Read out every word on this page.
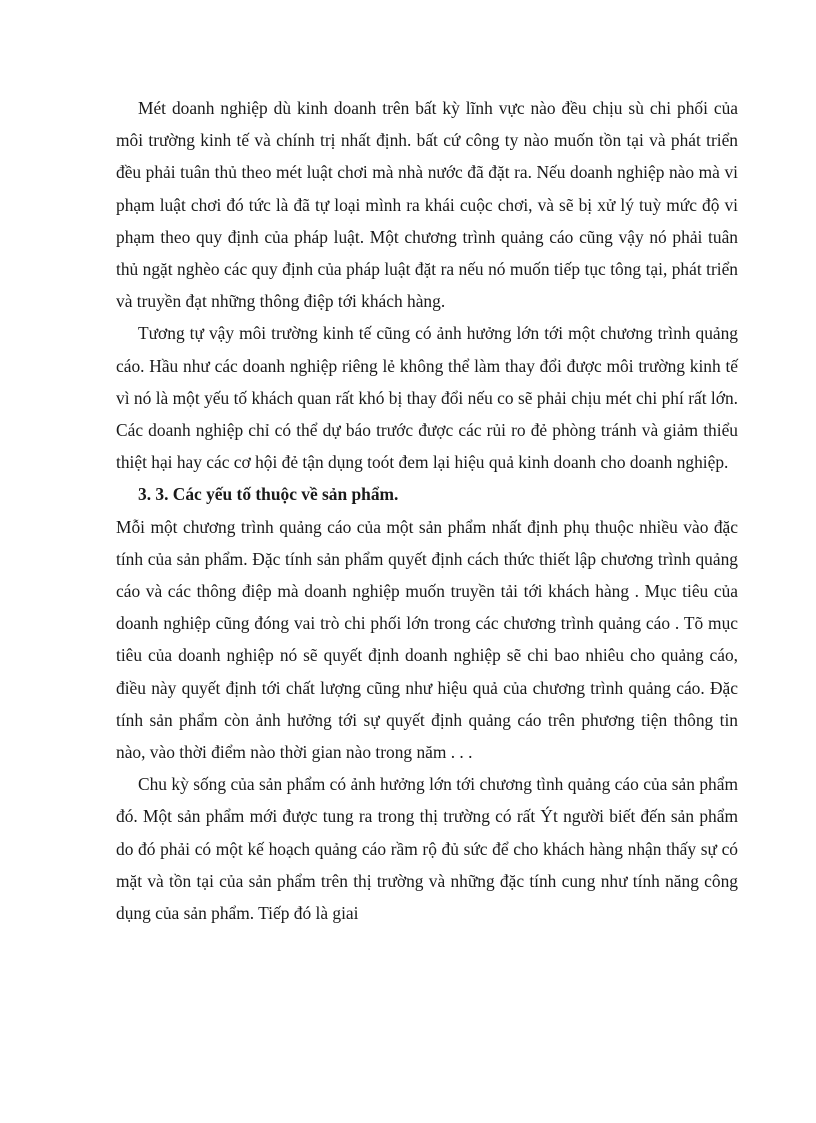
Mét doanh nghiệp dù kinh doanh trên bất kỳ lĩnh vực nào đều chịu sù chi phối của môi trường kinh tế và chính trị nhất định. bất cứ công ty nào muốn tồn tại và phát triển đều phải tuân thủ theo mét luật chơi mà nhà nước đã đặt ra. Nếu doanh nghiệp nào mà vi phạm luật chơi đó tức là đã tự loại mình ra khái cuộc chơi, và sẽ bị xử lý tuỳ mức độ vi phạm theo quy định của pháp luật. Một chương trình quảng cáo cũng vậy nó phải tuân thủ ngặt nghèo các quy định của pháp luật đặt ra nếu nó muốn tiếp tục tông tại, phát triển và truyền đạt những thông điệp tới khách hàng.

Tương tự vậy môi trường kinh tế cũng có ảnh hưởng lớn tới một chương trình quảng cáo. Hầu như các doanh nghiệp riêng lẻ không thể làm thay đổi được môi trường kinh tế vì nó là một yếu tố khách quan rất khó bị thay đổi nếu co sẽ phải chịu mét chi phí rất lớn. Các doanh nghiệp chỉ có thể dự báo trước được các rủi ro đẻ phòng tránh và giảm thiểu thiệt hại hay các cơ hội đẻ tận dụng toót đem lại hiệu quả kinh doanh cho doanh nghiệp.

3. 3. Các yếu tố thuộc về sản phẩm.

Mỗi một chương trình quảng cáo của một sản phẩm nhất định phụ thuộc nhiều vào đặc tính của sản phẩm. Đặc tính sản phẩm quyết định cách thức thiết lập chương trình quảng cáo và các thông điệp mà doanh nghiệp muốn truyền tải tới khách hàng . Mục tiêu của doanh nghiệp cũng đóng vai trò chi phối lớn trong các chương trình quảng cáo . Tõ mục tiêu của doanh nghiệp nó sẽ quyết định doanh nghiệp sẽ chi bao nhiêu cho quảng cáo, điều này quyết định tới chất lượng cũng như hiệu quả của chương trình quảng cáo. Đặc tính sản phẩm còn ảnh hưởng tới sự quyết định quảng cáo trên phương tiện thông tin nào, vào thời điểm nào thời gian nào trong năm . . .

Chu kỳ sống của sản phẩm có ảnh hưởng lớn tới chương tình quảng cáo của sản phẩm đó. Một sản phẩm mới được tung ra trong thị trường có rất Ýt người biết đến sản phẩm do đó phải có một kế hoạch quảng cáo rầm rộ đủ sức để cho khách hàng nhận thấy sự có mặt và tồn tại của sản phẩm trên thị trường và những đặc tính cung như tính năng công dụng của sản phẩm. Tiếp đó là giai
